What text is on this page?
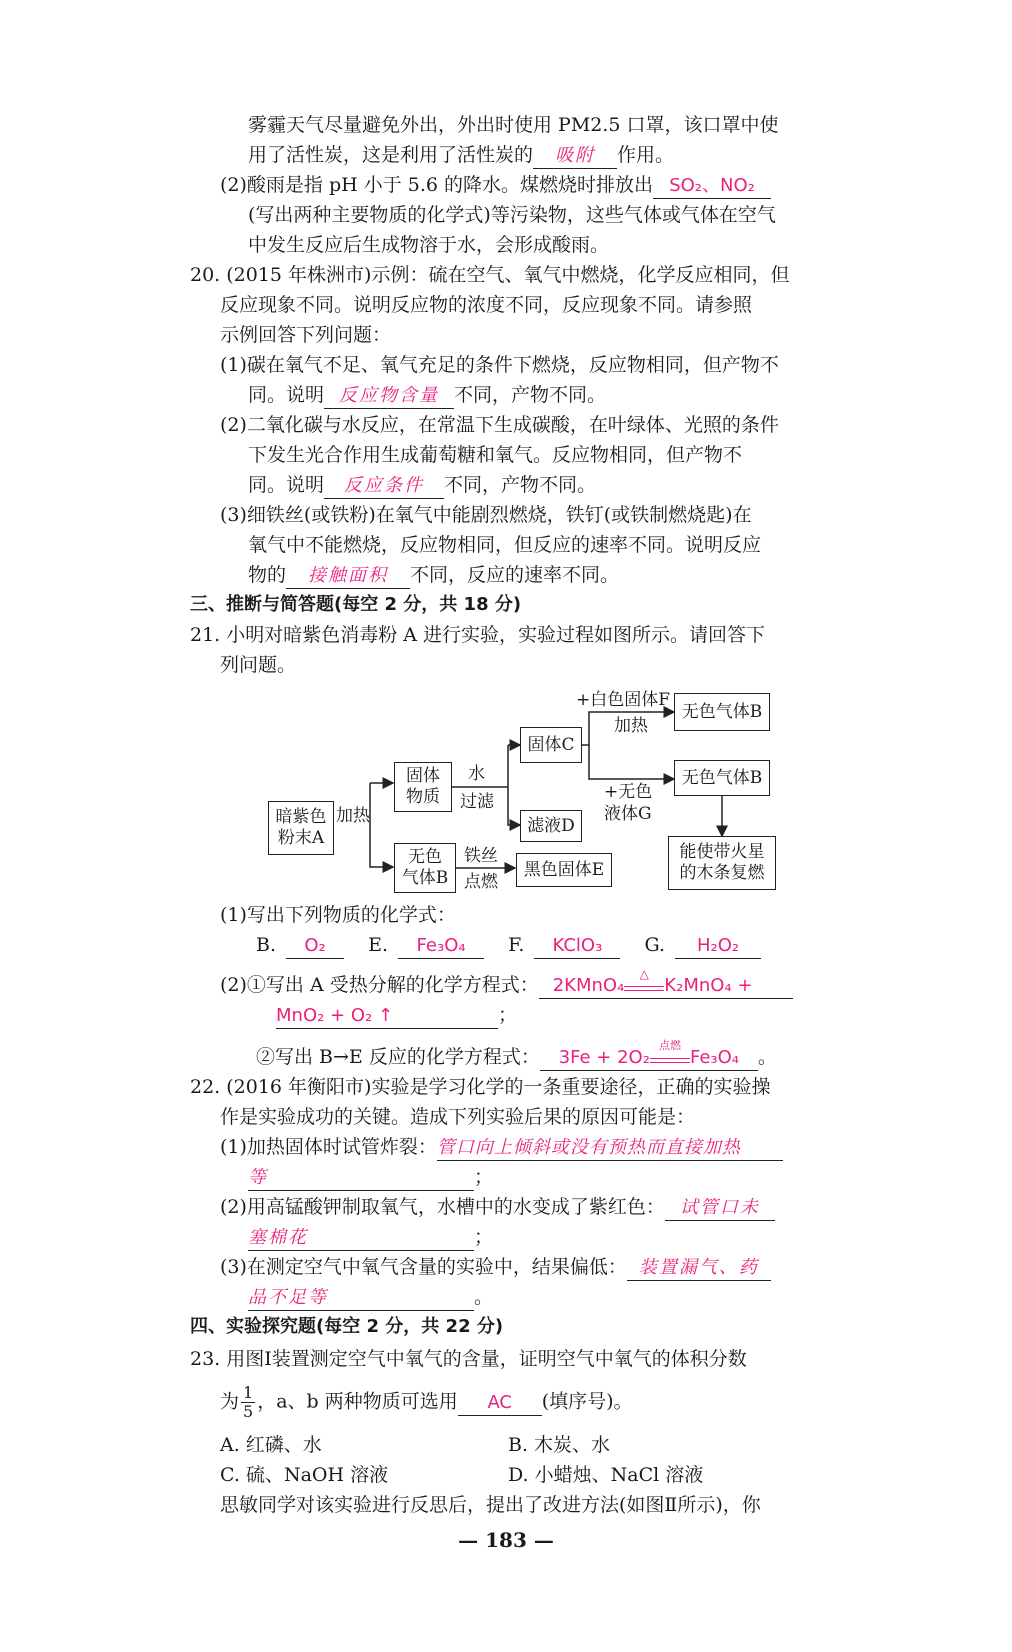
雾霾天气尽量避免外出，外出时使用 PM2.5 口罩，该口罩中使
用了活性炭，这是利用了活性炭的 吸附 作用。
(2)酸雨是指 pH 小于 5.6 的降水。煤燃烧时排放出 SO₂、NO₂
(写出两种主要物质的化学式)等污染物，这些气体或气体在空气
中发生反应后生成物溶于水，会形成酸雨。
20. (2015 年株洲市)示例：硫在空气、氧气中燃烧，化学反应相同，但
反应现象不同。说明反应物的浓度不同，反应现象不同。请参照
示例回答下列问题：
(1)碳在氧气不足、氧气充足的条件下燃烧，反应物相同，但产物不
同。说明 反应物含量 不同，产物不同。
(2)二氧化碳与水反应，在常温下生成碳酸，在叶绿体、光照的条件
下发生光合作用生成葡萄糖和氧气。反应物相同，但产物不
同。说明 反应条件 不同，产物不同。
(3)细铁丝(或铁粉)在氧气中能剧烈燃烧，铁钉(或铁制燃烧匙)在
氧气中不能燃烧，反应物相同，但反应的速率不同。说明反应
物的 接触面积 不同，反应的速率不同。
三、推断与简答题(每空 2 分，共 18 分)
21. 小明对暗紫色消毒粉 A 进行实验，实验过程如图所示。请回答下
列问题。
暗紫色
粉末A
加热
固体
物质
水
过滤
固体C
滤液D
无色
气体B
铁丝
点燃
黑色固体E
+白色固体F
加热
无色气体B
无色气体B
+无色
液体G
能使带火星
的木条复燃
(1)写出下列物质的化学式：
B. O₂ E. Fe₃O₄ F. KClO₃ G. H₂O₂
(2)①写出 A 受热分解的化学方程式： 2KMnO₄
△
K₂MnO₄ +
MnO₂ + O₂ ↑	；
②写出 B→E 反应的化学方程式： 3Fe + 2O₂
点燃
Fe₃O₄ 。
22. (2016 年衡阳市)实验是学习化学的一条重要途径，正确的实验操
作是实验成功的关键。造成下列实验后果的原因可能是：
(1)加热固体时试管炸裂：管口向上倾斜或没有预热而直接加热
等	；
(2)用高锰酸钾制取氧气，水槽中的水变成了紫红色： 试管口未
塞棉花	；
(3)在测定空气中氧气含量的实验中，结果偏低： 装置漏气、药
品不足等	。
四、实验探究题(每空 2 分，共 22 分)
23. 用图Ⅰ装置测定空气中氧气的含量，证明空气中氧气的体积分数
为 $\frac{1}{5}$ ，a、b 两种物质可选用 AC (填序号)。
A. 红磷、水	B. 木炭、水
C. 硫、NaOH 溶液	D. 小蜡烛、NaCl 溶液
思敏同学对该实验进行反思后，提出了改进方法(如图Ⅱ所示)，你
— 183 —
